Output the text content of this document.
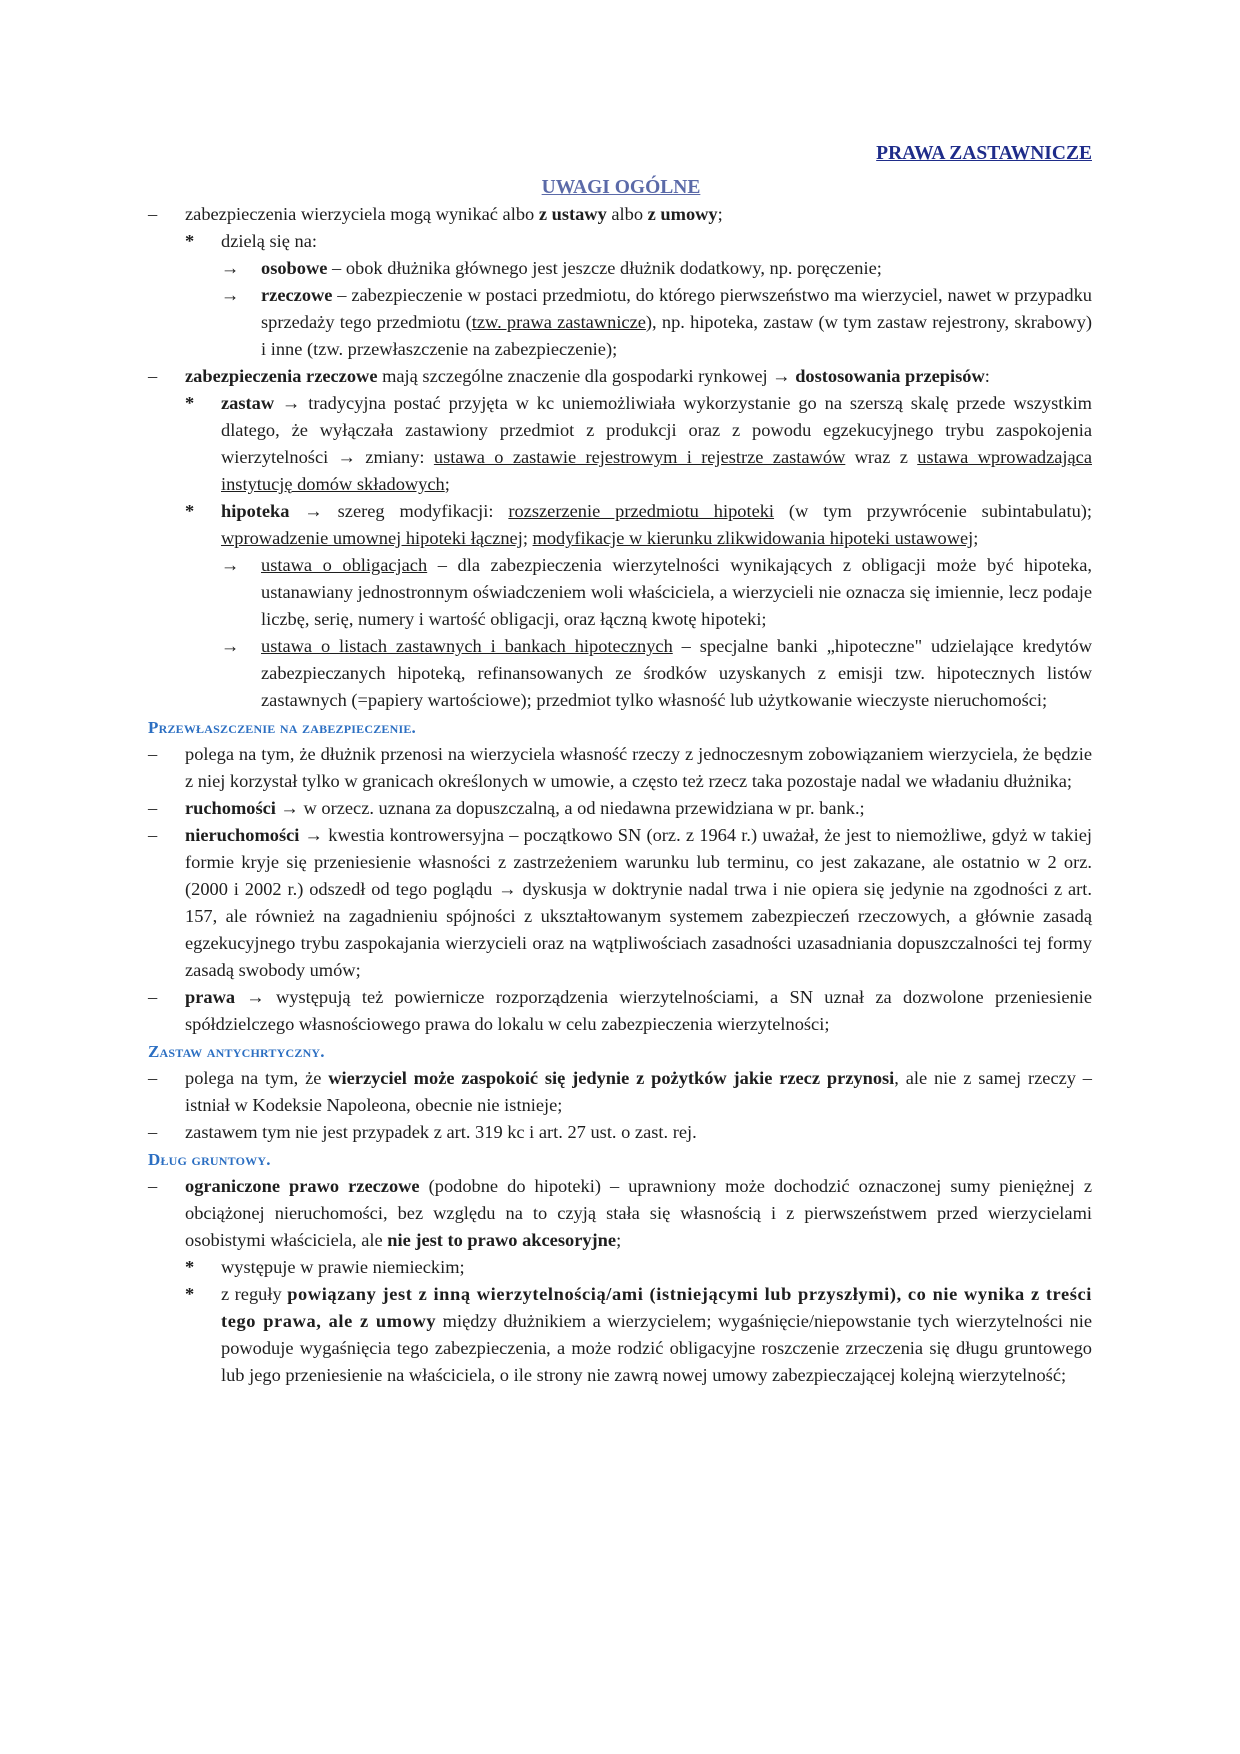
PRAWA ZASTAWNICZE
UWAGI OGÓLNE
– zabezpieczenia wierzyciela mogą wynikać albo z ustawy albo z umowy;
* dzielą się na:
→ osobowe – obok dłużnika głównego jest jeszcze dłużnik dodatkowy, np. poręczenie;
→ rzeczowe – zabezpieczenie w postaci przedmiotu, do którego pierwszeństwo ma wierzyciel, nawet w przypadku sprzedaży tego przedmiotu (tzw. prawa zastawnicze), np. hipoteka, zastaw (w tym zastaw rejestrony, skrabowy) i inne (tzw. przewłaszczenie na zabezpieczenie);
– zabezpieczenia rzeczowe mają szczególne znaczenie dla gospodarki rynkowej → dostosowania przepisów:
* zastaw → tradycyjna postać przyjęta w kc uniemożliwiała wykorzystanie go na szerszą skalę przede wszystkim dlatego, że wyłączała zastawiony przedmiot z produkcji oraz z powodu egzekucyjnego trybu zaspokojenia wierzytelności → zmiany: ustawa o zastawie rejestrowym i rejestrze zastawów wraz z ustawa wprowadzająca instytucję domów składowych;
* hipoteka → szereg modyfikacji: rozszerzenie przedmiotu hipoteki (w tym przywrócenie subintabulatu); wprowadzenie umownej hipoteki łącznej; modyfikacje w kierunku zlikwidowania hipoteki ustawowej;
→ ustawa o obligacjach – dla zabezpieczenia wierzytelności wynikających z obligacji może być hipoteka, ustanawiany jednostronnym oświadczeniem woli właściciela, a wierzycieli nie oznacza się imiennie, lecz podaje liczbę, serię, numery i wartość obligacji, oraz łączną kwotę hipoteki;
→ ustawa o listach zastawnych i bankach hipotecznych – specjalne banki „hipoteczne" udzielające kredytów zabezpieczanych hipoteką, refinansowanych ze środków uzyskanych z emisji tzw. hipotecznych listów zastawnych (=papiery wartościowe); przedmiot tylko własność lub użytkowanie wieczyste nieruchomości;
Przewłaszczenie na zabezpieczenie.
– polega na tym, że dłużnik przenosi na wierzyciela własność rzeczy z jednoczesnym zobowiązaniem wierzyciela, że będzie z niej korzystał tylko w granicach określonych w umowie, a często też rzecz taka pozostaje nadal we władaniu dłużnika;
– ruchomości → w orzecz. uznana za dopuszczalną, a od niedawna przewidziana w pr. bank.;
– nieruchomości → kwestia kontrowersyjna – początkowo SN (orz. z 1964 r.) uważał, że jest to niemożliwe, gdyż w takiej formie kryje się przeniesienie własności z zastrzeżeniem warunku lub terminu, co jest zakazane, ale ostatnio w 2 orz. (2000 i 2002 r.) odszedł od tego poglądu → dyskusja w doktrynie nadal trwa i nie opiera się jedynie na zgodności z art. 157, ale również na zagadnieniu spójności z ukształtowanym systemem zabezpieczeń rzeczowych, a głównie zasadą egzekucyjnego trybu zaspokajania wierzycieli oraz na wątpliwościach zasadności uzasadniania dopuszczalności tej formy zasadą swobody umów;
– prawa → występują też powiernicze rozporządzenia wierzytelnościami, a SN uznał za dozwolone przeniesienie spółdzielczego własnościowego prawa do lokalu w celu zabezpieczenia wierzytelności;
Zastaw antychrtyczny.
– polega na tym, że wierzyciel może zaspokoić się jedynie z pożytków jakie rzecz przynosi, ale nie z samej rzeczy – istniał w Kodeksie Napoleona, obecnie nie istnieje;
– zastawem tym nie jest przypadek z art. 319 kc i art. 27 ust. o zast. rej.
Dług gruntowy.
– ograniczone prawo rzeczowe (podobne do hipoteki) – uprawniony może dochodzić oznaczonej sumy pieniężnej z obciążonej nieruchomości, bez względu na to czyją stała się własnością i z pierwszeństwem przed wierzycielami osobistymi właściciela, ale nie jest to prawo akcesoryjne;
* występuje w prawie niemieckim;
* z reguły powiązany jest z inną wierzytelnością/ami (istniejącymi lub przyszłymi), co nie wynika z treści tego prawa, ale z umowy między dłużnikiem a wierzycielem; wygaśnięcie/niepowstanie tych wierzytelności nie powoduje wygaśnięcia tego zabezpieczenia, a może rodzić obligacyjne roszczenie zrzeczenia się długu gruntowego lub jego przeniesienie na właściciela, o ile strony nie zawrą nowej umowy zabezpieczającej kolejną wierzytelność;
